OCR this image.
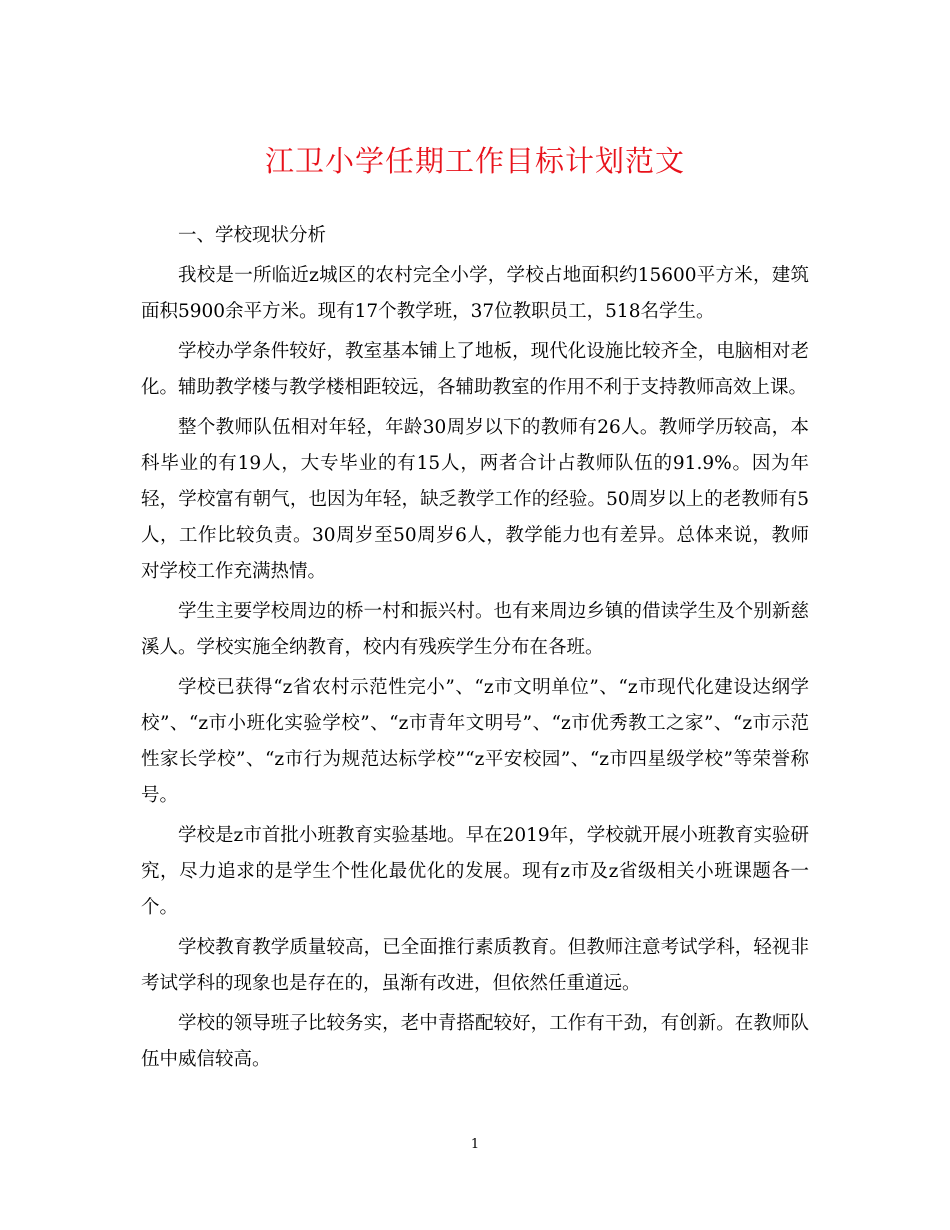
江卫小学任期工作目标计划范文
一、学校现状分析

我校是一所临近z城区的农村完全小学，学校占地面积约15600平方米，建筑面积5900余平方米。现有17个教学班，37位教职员工，518名学生。

学校办学条件较好，教室基本铺上了地板，现代化设施比较齐全，电脑相对老化。辅助教学楼与教学楼相距较远，各辅助教室的作用不利于支持教师高效上课。

整个教师队伍相对年轻，年龄30周岁以下的教师有26人。教师学历较高，本科毕业的有19人，大专毕业的有15人，两者合计占教师队伍的91.9%。因为年轻，学校富有朝气，也因为年轻，缺乏教学工作的经验。50周岁以上的老教师有5人，工作比较负责。30周岁至50周岁6人，教学能力也有差异。总体来说，教师对学校工作充满热情。

学生主要学校周边的桥一村和振兴村。也有来周边乡镇的借读学生及个别新慈溪人。学校实施全纳教育，校内有残疾学生分布在各班。

学校已获得“z省农村示范性完小”、“z市文明单位”、“z市现代化建设达纲学校”、“z市小班化实验学校”、“z市青年文明号”、“z市优秀教工之家”、“z市示范性家长学校”、“z市行为规范达标学校”“z平安校园”、“z市四星级学校”等荣誉称号。

学校是z市首批小班教育实验基地。早在2019年，学校就开展小班教育实验研究，尽力追求的是学生个性化最优化的发展。现有z市及z省级相关小班课题各一个。

学校教育教学质量较高，已全面推行素质教育。但教师注意考试学科，轻视非考试学科的现象也是存在的，虽渐有改进，但依然任重道远。

学校的领导班子比较务实，老中青搭配较好，工作有干劲，有创新。在教师队伍中威信较高。

1
